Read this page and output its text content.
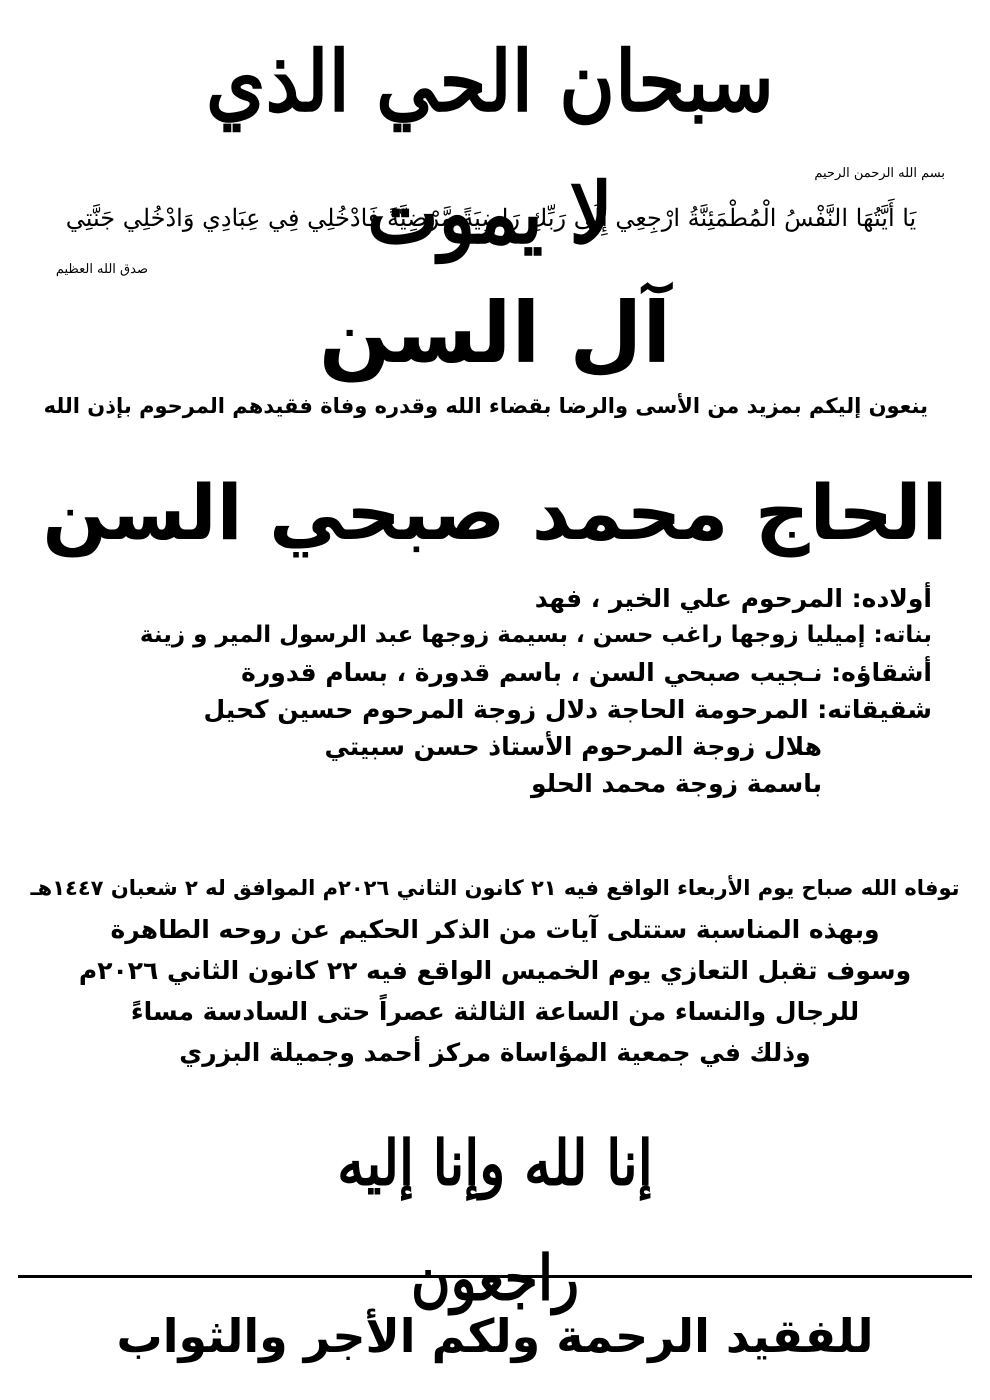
سبحان الحي الذي لا يموت	بسم الله الرحمن الرحيم
يَا أَيَّتُهَا النَّفْسُ الْمُطْمَئِنَّةُ ارْجِعِي إِلَى رَبِّكِ رَاضِيَةً مَّرْضِيَّةً فَادْخُلِي فِي عِبَادِي وَادْخُلِي جَنَّتِي
صدق الله العظيم
آل السن
ينعون إليكم بمزيد من الأسى والرضا بقضاء الله وقدره وفاة فقيدهم المرحوم بإذن الله
الحاج محمد صبحي السن
أولاده: المرحوم علي الخير ، فهد
بناته: إميليا زوجها راغب حسن ، بسيمة زوجها عبد الرسول المير و زينة
أشقاؤه: نـجيب صبحي السن ، باسم قدورة ، بسام قدورة
شقيقاته: المرحومة الحاجة دلال زوجة المرحوم حسين كحيل
هلال زوجة المرحوم الأستاذ حسن سبيتي
باسمة زوجة محمد الحلو
توفاه الله صباح يوم الأربعاء الواقع فيه ٢١ كانون الثاني ٢٠٢٦م الموافق له ٢ شعبان ١٤٤٧هـ
وبهذه المناسبة ستتلى آيات من الذكر الحكيم عن روحه الطاهرة
وسوف تقبل التعازي يوم الخميس الواقع فيه ٢٢ كانون الثاني ٢٠٢٦م
للرجال والنساء من الساعة الثالثة عصراً حتى السادسة مساءً
وذلك في جمعية المؤاساة مركز أحمد وجميلة البزري
إنا لله وإنا إليه راجعون
للفقيد الرحمة ولكم الأجر والثواب
